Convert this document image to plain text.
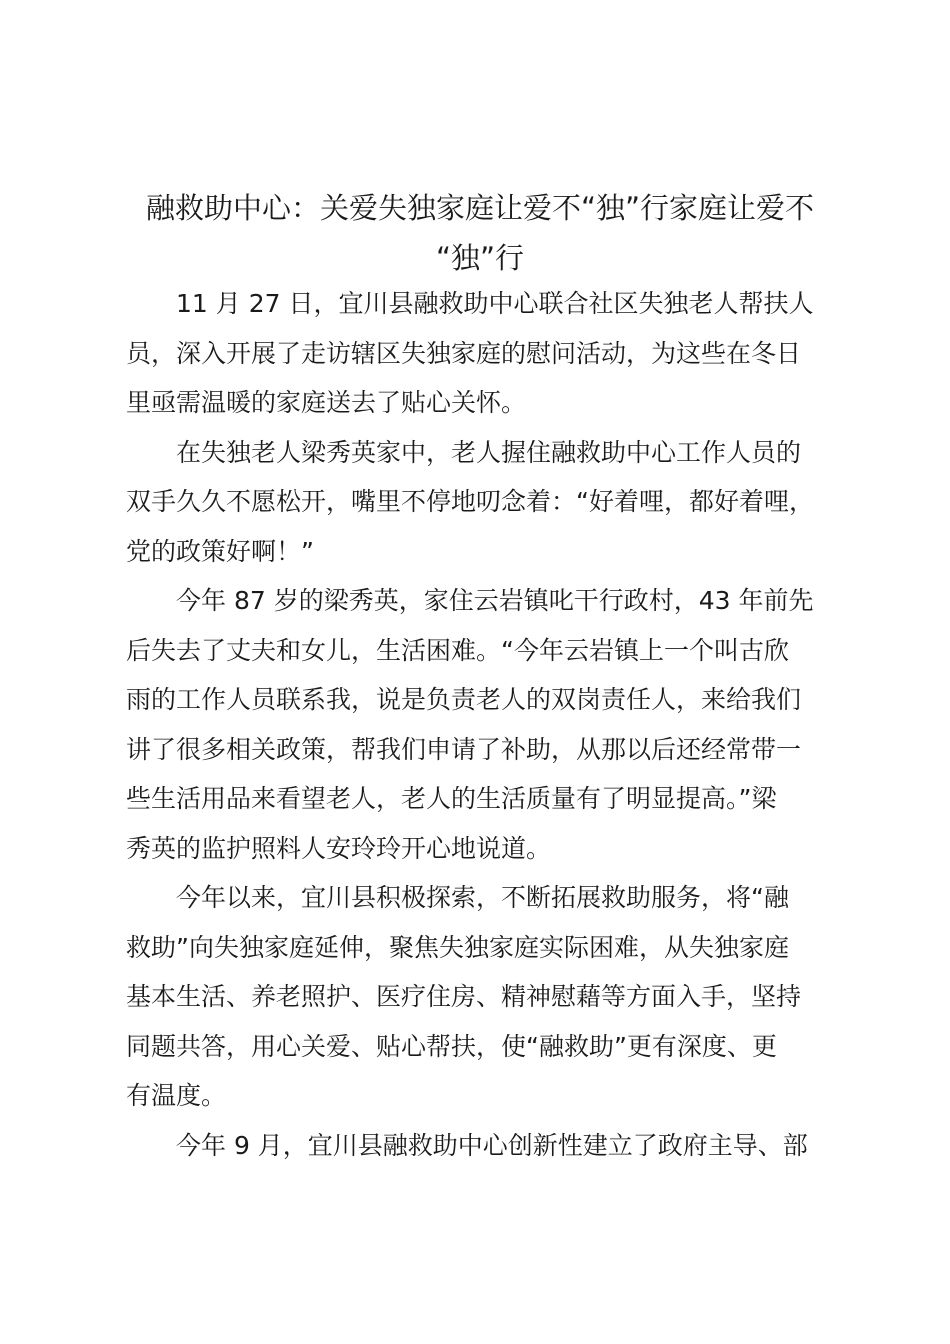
融救助中心：关爱失独家庭让爱不“独”行家庭让爱不
“独”行

11 月 27 日，宜川县融救助中心联合社区失独老人帮扶人
员，深入开展了走访辖区失独家庭的慰问活动，为这些在冬日
里亟需温暖的家庭送去了贴心关怀。

在失独老人梁秀英家中，老人握住融救助中心工作人员的
双手久久不愿松开，嘴里不停地叨念着：“好着哩，都好着哩，
党的政策好啊！”

今年 87 岁的梁秀英，家住云岩镇叱干行政村，43 年前先
后失去了丈夫和女儿，生活困难。“今年云岩镇上一个叫古欣
雨的工作人员联系我，说是负责老人的双岗责任人，来给我们
讲了很多相关政策，帮我们申请了补助，从那以后还经常带一
些生活用品来看望老人，老人的生活质量有了明显提高。”梁
秀英的监护照料人安玲玲开心地说道。

今年以来，宜川县积极探索，不断拓展救助服务，将“融
救助”向失独家庭延伸，聚焦失独家庭实际困难，从失独家庭
基本生活、养老照护、医疗住房、精神慰藉等方面入手，坚持
同题共答，用心关爱、贴心帮扶，使“融救助”更有深度、更
有温度。

今年 9 月，宜川县融救助中心创新性建立了政府主导、部
